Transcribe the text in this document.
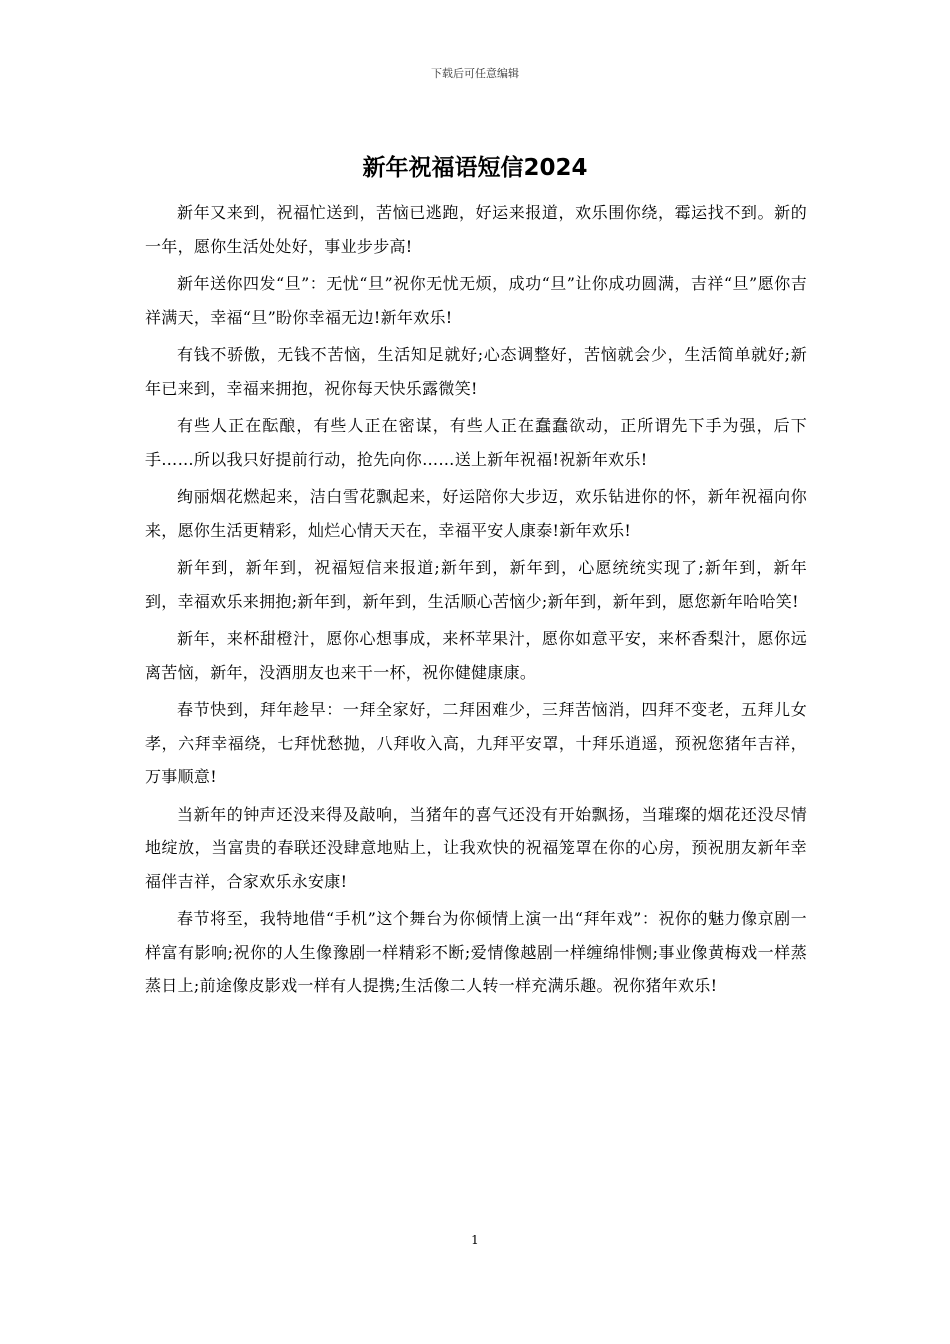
下载后可任意编辑
新年祝福语短信2024

新年又来到，祝福忙送到，苦恼已逃跑，好运来报道，欢乐围你绕，霉运找不到。新的一年，愿你生活处处好，事业步步高!

新年送你四发“旦”：无忧“旦”祝你无忧无烦，成功“旦”让你成功圆满，吉祥“旦”愿你吉祥满天，幸福“旦”盼你幸福无边!新年欢乐!

有钱不骄傲，无钱不苦恼，生活知足就好;心态调整好，苦恼就会少，生活简单就好;新年已来到，幸福来拥抱，祝你每天快乐露微笑!

有些人正在酝酿，有些人正在密谋，有些人正在蠢蠢欲动，正所谓先下手为强，后下手……所以我只好提前行动，抢先向你……送上新年祝福!祝新年欢乐!

绚丽烟花燃起来，洁白雪花飘起来，好运陪你大步迈，欢乐钻进你的怀，新年祝福向你来，愿你生活更精彩，灿烂心情天天在，幸福平安人康泰!新年欢乐!

新年到，新年到，祝福短信来报道;新年到，新年到，心愿统统实现了;新年到，新年到，幸福欢乐来拥抱;新年到，新年到，生活顺心苦恼少;新年到，新年到，愿您新年哈哈笑!

新年，来杯甜橙汁，愿你心想事成，来杯苹果汁，愿你如意平安，来杯香梨汁，愿你远离苦恼，新年，没酒朋友也来干一杯，祝你健健康康。

春节快到，拜年趁早：一拜全家好，二拜困难少，三拜苦恼消，四拜不变老，五拜儿女孝，六拜幸福绕，七拜忧愁抛，八拜收入高，九拜平安罩，十拜乐逍遥，预祝您猪年吉祥，万事顺意!

当新年的钟声还没来得及敲响，当猪年的喜气还没有开始飘扬，当璀璨的烟花还没尽情地绽放，当富贵的春联还没肆意地贴上，让我欢快的祝福笼罩在你的心房，预祝朋友新年幸福伴吉祥，合家欢乐永安康!

春节将至，我特地借“手机”这个舞台为你倾情上演一出“拜年戏”：祝你的魅力像京剧一样富有影响;祝你的人生像豫剧一样精彩不断;爱情像越剧一样缠绵悱恻;事业像黄梅戏一样蒸蒸日上;前途像皮影戏一样有人提携;生活像二人转一样充满乐趣。祝你猪年欢乐!

1
